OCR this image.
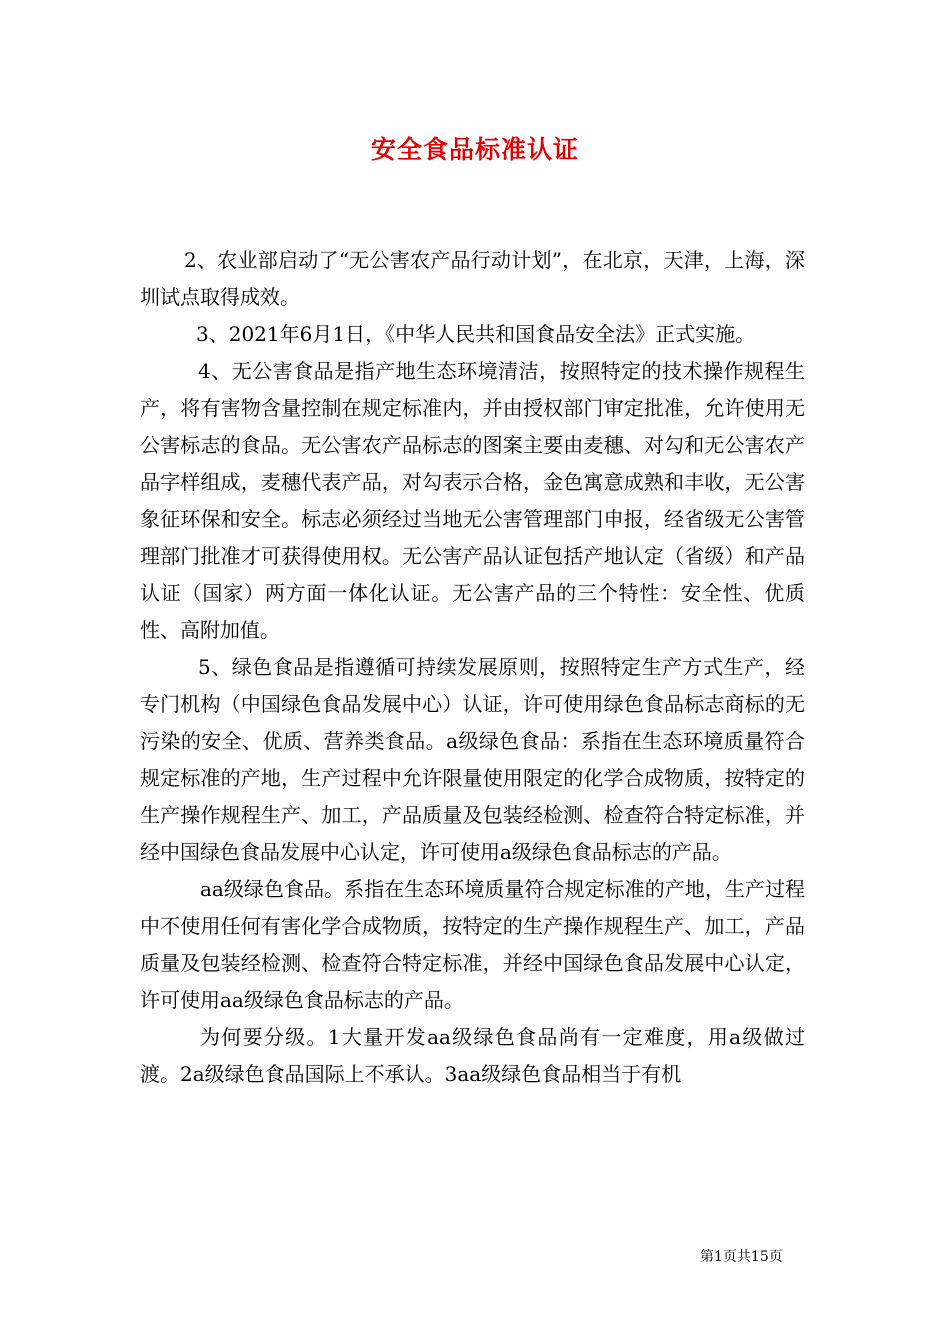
安全食品标准认证

2、农业部启动了“无公害农产品行动计划”，在北京，天津，上海，深圳试点取得成效。

3、2021年6月1日，《中华人民共和国食品安全法》正式实施。

4、无公害食品是指产地生态环境清洁，按照特定的技术操作规程生产，将有害物含量控制在规定标准内，并由授权部门审定批准，允许使用无公害标志的食品。无公害农产品标志的图案主要由麦穗、对勾和无公害农产品字样组成，麦穗代表产品，对勾表示合格，金色寓意成熟和丰收，无公害象征环保和安全。标志必须经过当地无公害管理部门申报，经省级无公害管理部门批准才可获得使用权。无公害产品认证包括产地认定（省级）和产品认证（国家）两方面一体化认证。无公害产品的三个特性：安全性、优质性、高附加值。

5、绿色食品是指遵循可持续发展原则，按照特定生产方式生产，经专门机构（中国绿色食品发展中心）认证，许可使用绿色食品标志商标的无污染的安全、优质、营养类食品。a级绿色食品：系指在生态环境质量符合规定标准的产地，生产过程中允许限量使用限定的化学合成物质，按特定的生产操作规程生产、加工，产品质量及包装经检测、检查符合特定标准，并经中国绿色食品发展中心认定，许可使用a级绿色食品标志的产品。

aa级绿色食品。系指在生态环境质量符合规定标准的产地，生产过程中不使用任何有害化学合成物质，按特定的生产操作规程生产、加工，产品质量及包装经检测、检查符合特定标准，并经中国绿色食品发展中心认定，许可使用aa级绿色食品标志的产品。

为何要分级。1大量开发aa级绿色食品尚有一定难度，用a级做过渡。2a级绿色食品国际上不承认。3aa级绿色食品相当于有机

第1页共15页
